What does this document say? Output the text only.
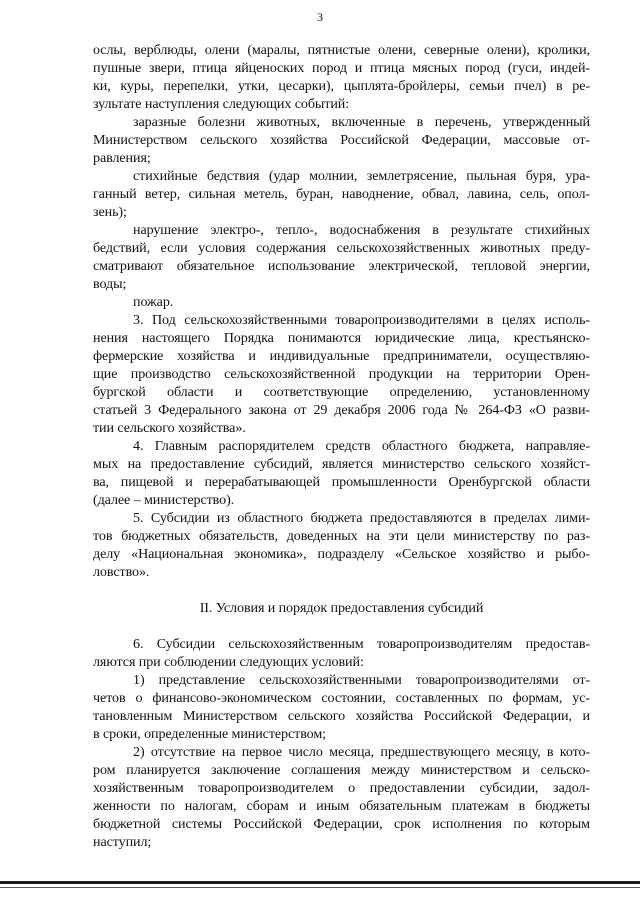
3
ослы, верблюды, олени (маралы, пятнистые олени, северные олени), кролики,
пушные звери, птица яйценоских пород и птица мясных пород (гуси, индей-
ки, куры, перепелки, утки, цесарки), цыплята-бройлеры, семьи пчел) в ре-
зультате наступления следующих событий:
заразные болезни животных, включенные в перечень, утвержденный
Министерством сельского хозяйства Российской Федерации, массовые от-
равления;
стихийные бедствия (удар молнии, землетрясение, пыльная буря, ура-
ганный ветер, сильная метель, буран, наводнение, обвал, лавина, сель, опол-
зень);
нарушение электро-, тепло-, водоснабжения в результате стихийных
бедствий, если условия содержания сельскохозяйственных животных преду-
сматривают обязательное использование электрической, тепловой энергии,
воды;
пожар.
3. Под сельскохозяйственными товаропроизводителями в целях исполь-
нения настоящего Порядка понимаются юридические лица, крестьянско-
фермерские хозяйства и индивидуальные предприниматели, осуществляю-
щие производство сельскохозяйственной продукции на территории Орен-
бургской области и соответствующие определению, установленному
статьей 3 Федерального закона от 29 декабря 2006 года № 264-ФЗ «О разви-
тии сельского хозяйства».
4. Главным распорядителем средств областного бюджета, направляе-
мых на предоставление субсидий, является министерство сельского хозяйст-
ва, пищевой и перерабатывающей промышленности Оренбургской области
(далее – министерство).
5. Субсидии из областного бюджета предоставляются в пределах лими-
тов бюджетных обязательств, доведенных на эти цели министерству по раз-
делу «Национальная экономика», подразделу «Сельское хозяйство и рыбо-
ловство».
II. Условия и порядок предоставления субсидий
6. Субсидии сельскохозяйственным товаропроизводителям предостав-
ляются при соблюдении следующих условий:
1) представление сельскохозяйственными товаропроизводителями от-
четов о финансово-экономическом состоянии, составленных по формам, ус-
тановленным Министерством сельского хозяйства Российской Федерации, и
в сроки, определенные министерством;
2) отсутствие на первое число месяца, предшествующего месяцу, в кото-
ром планируется заключение соглашения между министерством и сельско-
хозяйственным товаропроизводителем о предоставлении субсидии, задол-
женности по налогам, сборам и иным обязательным платежам в бюджеты
бюджетной системы Российской Федерации, срок исполнения по которым
наступил;
